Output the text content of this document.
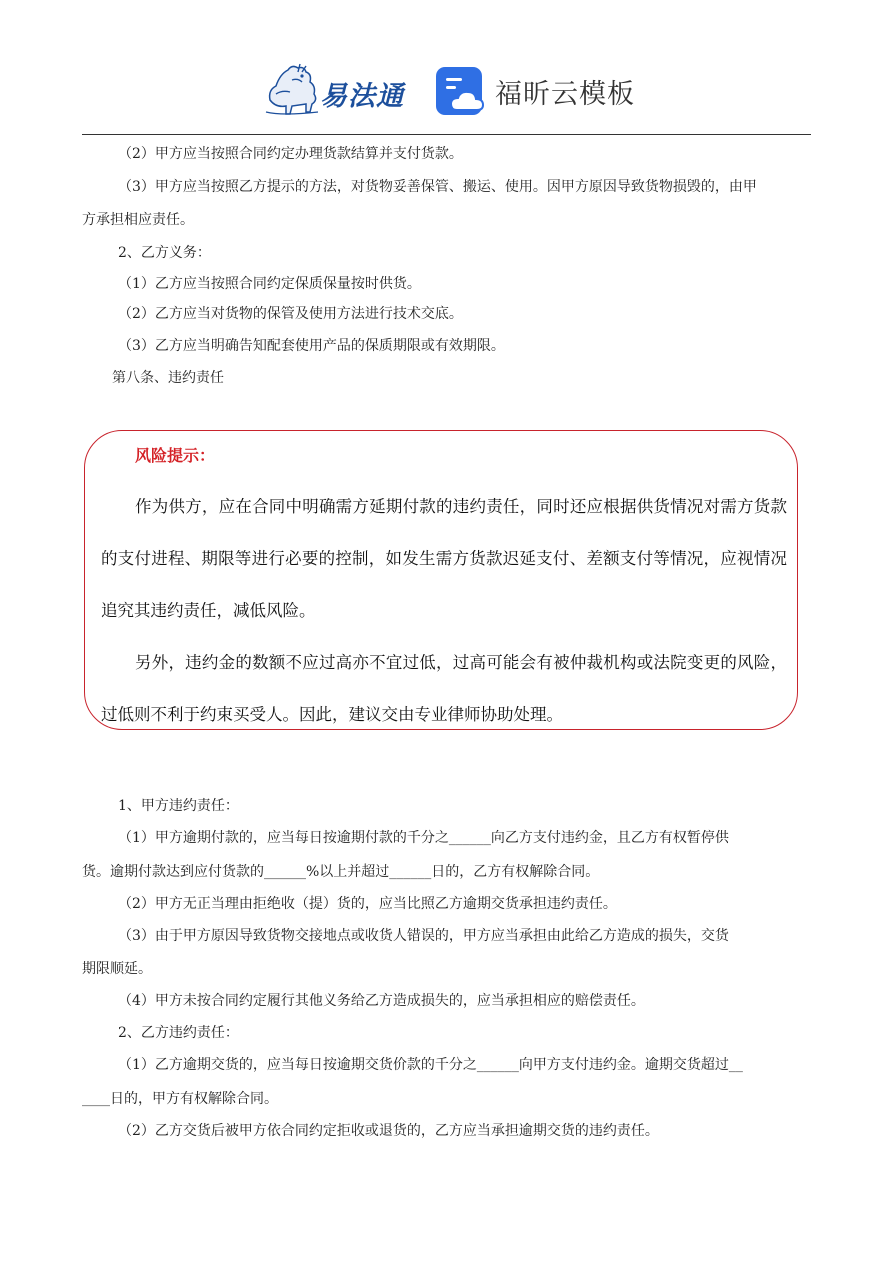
易法通	福昕云模板
（2）甲方应当按照合同约定办理货款结算并支付货款。
（3）甲方应当按照乙方提示的方法，对货物妥善保管、搬运、使用。因甲方原因导致货物损毁的，由甲
方承担相应责任。
2、乙方义务：
（1）乙方应当按照合同约定保质保量按时供货。
（2）乙方应当对货物的保管及使用方法进行技术交底。
（3）乙方应当明确告知配套使用产品的保质期限或有效期限。
第八条、违约责任
风险提示：

作为供方，应在合同中明确需方延期付款的违约责任，同时还应根据供货情况对需方货款的支付进程、期限等进行必要的控制，如发生需方货款迟延支付、差额支付等情况，应视情况追究其违约责任，减低风险。

另外，违约金的数额不应过高亦不宜过低，过高可能会有被仲裁机构或法院变更的风险，过低则不利于约束买受人。因此，建议交由专业律师协助处理。

1、甲方违约责任：
（1）甲方逾期付款的，应当每日按逾期付款的千分之______向乙方支付违约金，且乙方有权暂停供
货。逾期付款达到应付货款的______%以上并超过______日的，乙方有权解除合同。
（2）甲方无正当理由拒绝收（提）货的，应当比照乙方逾期交货承担违约责任。
（3）由于甲方原因导致货物交接地点或收货人错误的，甲方应当承担由此给乙方造成的损失，交货
期限顺延。
（4）甲方未按合同约定履行其他义务给乙方造成损失的，应当承担相应的赔偿责任。
2、乙方违约责任：
（1）乙方逾期交货的，应当每日按逾期交货价款的千分之______向甲方支付违约金。逾期交货超过__
____日的，甲方有权解除合同。
（2）乙方交货后被甲方依合同约定拒收或退货的，乙方应当承担逾期交货的违约责任。
